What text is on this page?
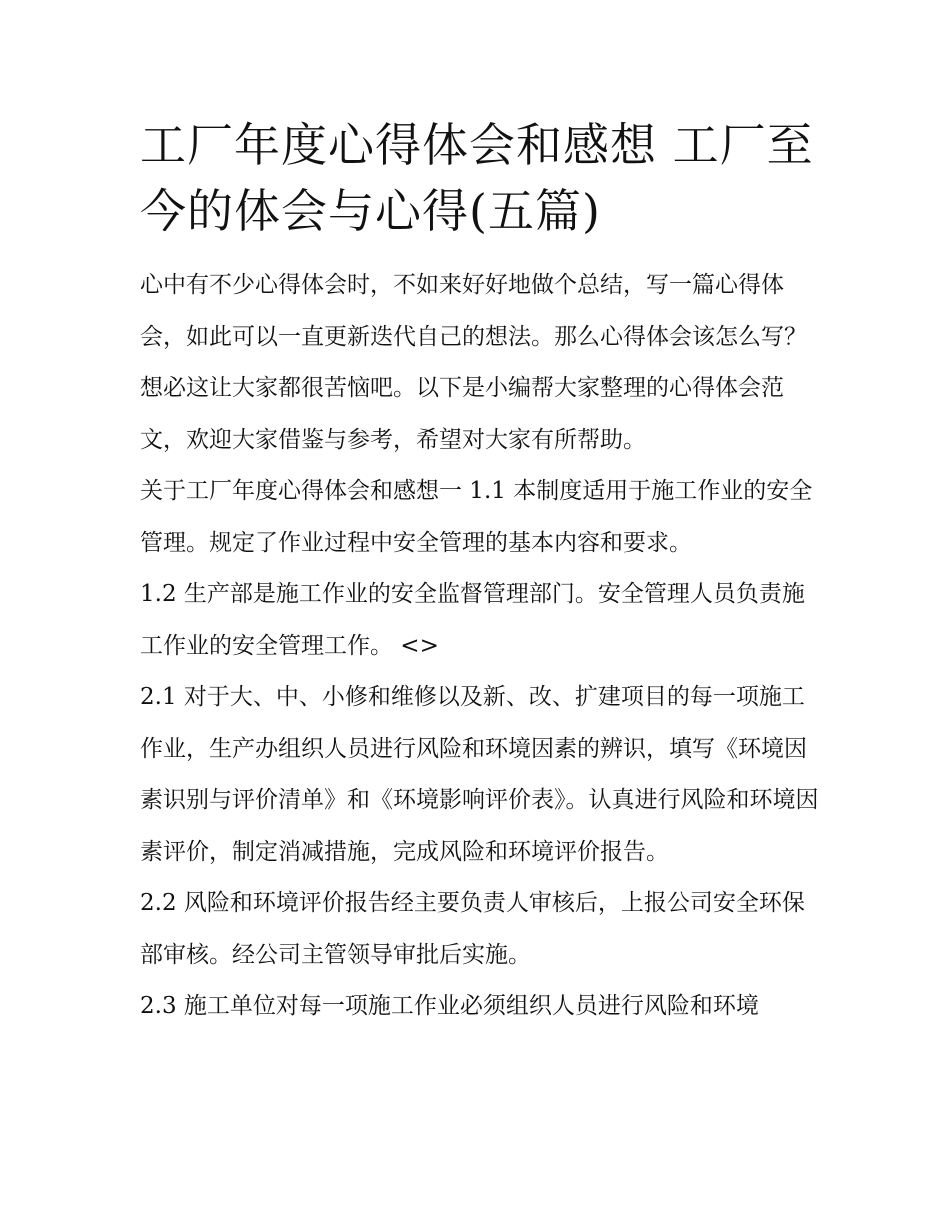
工厂年度心得体会和感想 工厂至今的体会与心得(五篇)

心中有不少心得体会时，不如来好好地做个总结，写一篇心得体会，如此可以一直更新迭代自己的想法。那么心得体会该怎么写？想必这让大家都很苦恼吧。以下是小编帮大家整理的心得体会范文，欢迎大家借鉴与参考，希望对大家有所帮助。

关于工厂年度心得体会和感想一 1.1 本制度适用于施工作业的安全管理。规定了作业过程中安全管理的基本内容和要求。

1.2 生产部是施工作业的安全监督管理部门。安全管理人员负责施工作业的安全管理工作。 <>

2.1 对于大、中、小修和维修以及新、改、扩建项目的每一项施工作业，生产办组织人员进行风险和环境因素的辨识，填写《环境因素识别与评价清单》和《环境影响评价表》。认真进行风险和环境因素评价，制定消减措施，完成风险和环境评价报告。

2.2 风险和环境评价报告经主要负责人审核后，上报公司安全环保部审核。经公司主管领导审批后实施。

2.3 施工单位对每一项施工作业必须组织人员进行风险和环境
